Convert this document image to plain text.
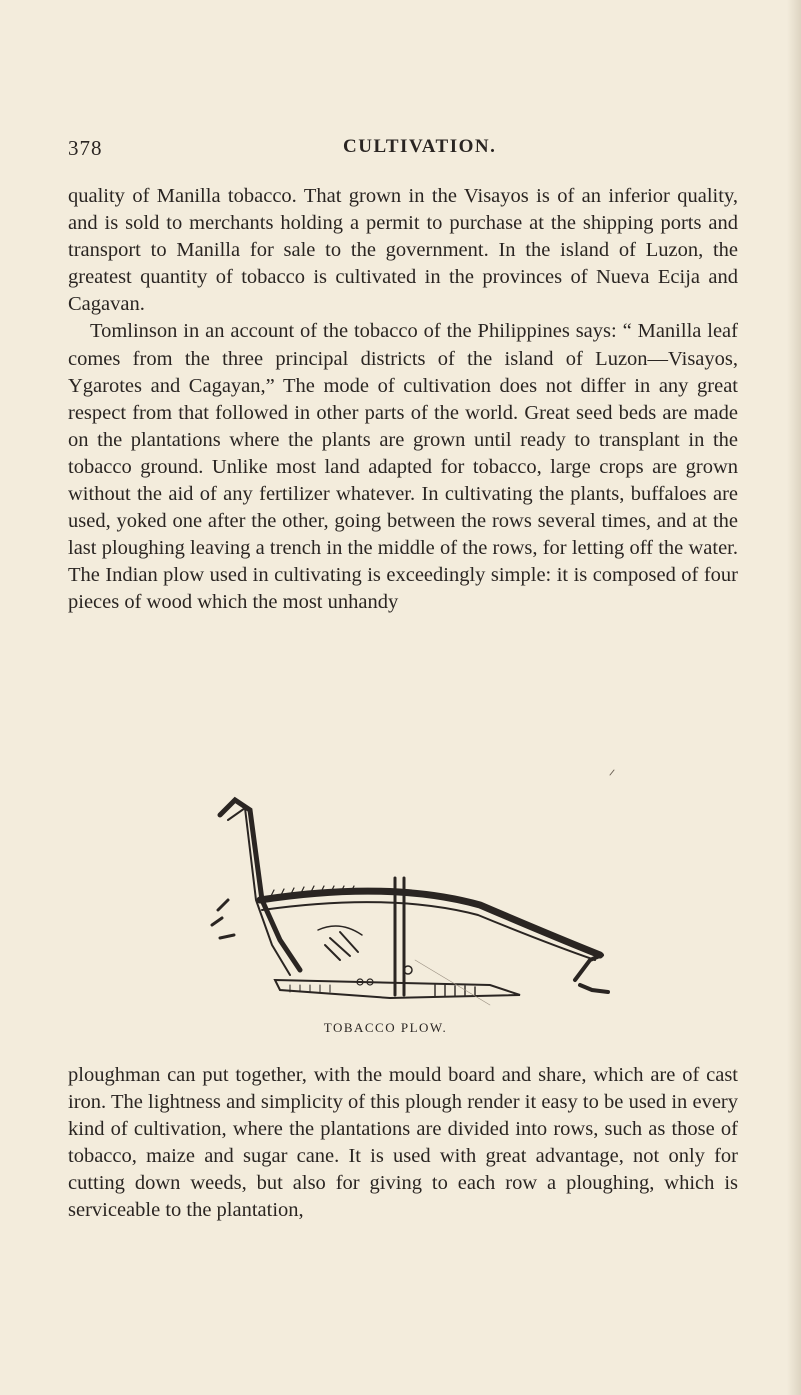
378	CULTIVATION.

quality of Manilla tobacco. That grown in the Visayos is of an inferior quality, and is sold to merchants holding a permit to purchase at the shipping ports and transport to Manilla for sale to the government. In the island of Luzon, the greatest quantity of tobacco is cultivated in the provinces of Nueva Ecija and Cagavan.

Tomlinson in an account of the tobacco of the Philippines says: “ Manilla leaf comes from the three principal districts of the island of Luzon—Visayos, Ygarotes and Cagayan,” The mode of cultivation does not differ in any great respect from that followed in other parts of the world. Great seed beds are made on the plantations where the plants are grown until ready to transplant in the tobacco ground. Unlike most land adapted for tobacco, large crops are grown without the aid of any fertilizer whatever. In cultivating the plants, buffaloes are used, yoked one after the other, going between the rows several times, and at the last ploughing leaving a trench in the middle of the rows, for letting off the water. The Indian plow used in cultivating is exceedingly simple: it is composed of four pieces of wood which the most unhandy

TOBACCO PLOW.

ploughman can put together, with the mould board and share, which are of cast iron. The lightness and simplicity of this plough render it easy to be used in every kind of cultivation, where the plantations are divided into rows, such as those of tobacco, maize and sugar cane. It is used with great advantage, not only for cutting down weeds, but also for giving to each row a ploughing, which is serviceable to the plantation,
